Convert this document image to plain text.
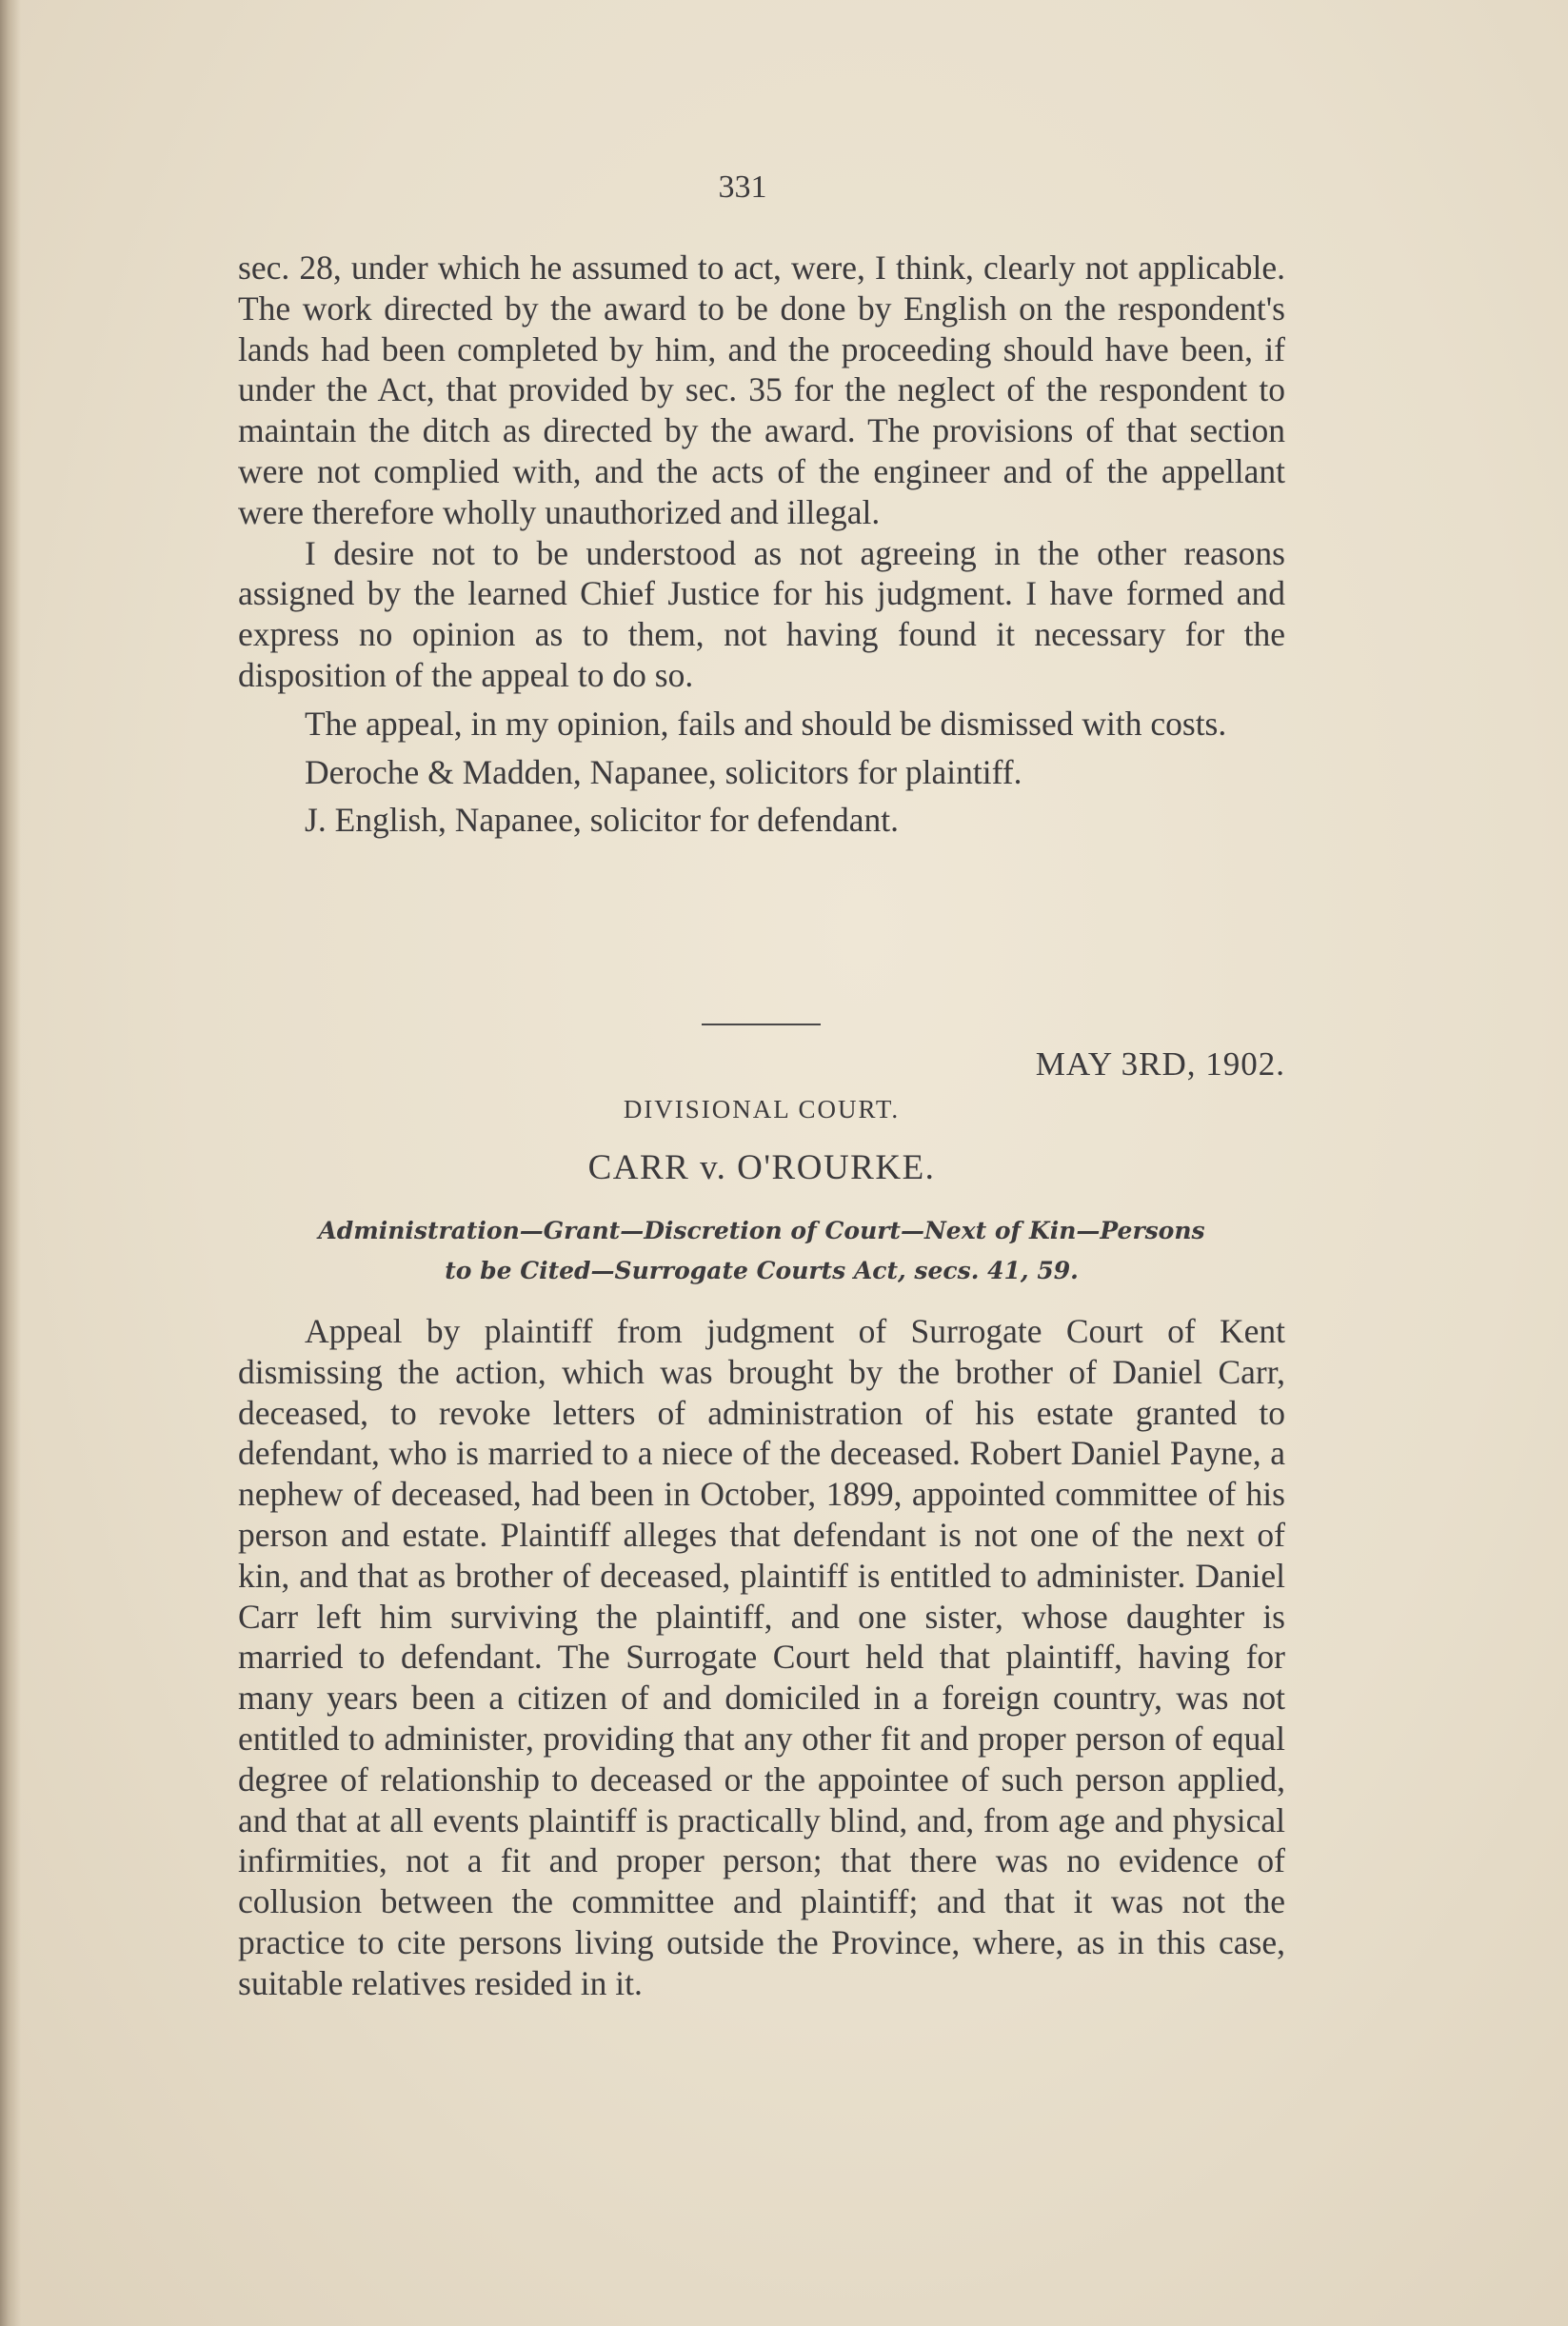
331

sec. 28, under which he assumed to act, were, I think, clearly not applicable. The work directed by the award to be done by English on the respondent's lands had been completed by him, and the proceeding should have been, if under the Act, that provided by sec. 35 for the neglect of the respondent to maintain the ditch as directed by the award. The provisions of that section were not complied with, and the acts of the engineer and of the appellant were therefore wholly unauthorized and illegal.

I desire not to be understood as not agreeing in the other reasons assigned by the learned Chief Justice for his judgment. I have formed and express no opinion as to them, not having found it necessary for the disposition of the appeal to do so.

The appeal, in my opinion, fails and should be dismissed with costs.

Deroche & Madden, Napanee, solicitors for plaintiff.

J. English, Napanee, solicitor for defendant.

MAY 3RD, 1902.
DIVISIONAL COURT.
CARR v. O'ROURKE.
Administration—Grant—Discretion of Court—Next of Kin—Persons
to be Cited—Surrogate Courts Act, secs. 41, 59.

Appeal by plaintiff from judgment of Surrogate Court of Kent dismissing the action, which was brought by the brother of Daniel Carr, deceased, to revoke letters of administration of his estate granted to defendant, who is married to a niece of the deceased. Robert Daniel Payne, a nephew of deceased, had been in October, 1899, appointed committee of his person and estate. Plaintiff alleges that defendant is not one of the next of kin, and that as brother of deceased, plaintiff is entitled to administer. Daniel Carr left him surviving the plaintiff, and one sister, whose daughter is married to defendant. The Surrogate Court held that plaintiff, having for many years been a citizen of and domiciled in a foreign country, was not entitled to administer, providing that any other fit and proper person of equal degree of relationship to deceased or the appointee of such person applied, and that at all events plaintiff is practically blind, and, from age and physical infirmities, not a fit and proper person; that there was no evidence of collusion between the committee and plaintiff; and that it was not the practice to cite persons living outside the Province, where, as in this case, suitable relatives resided in it.
